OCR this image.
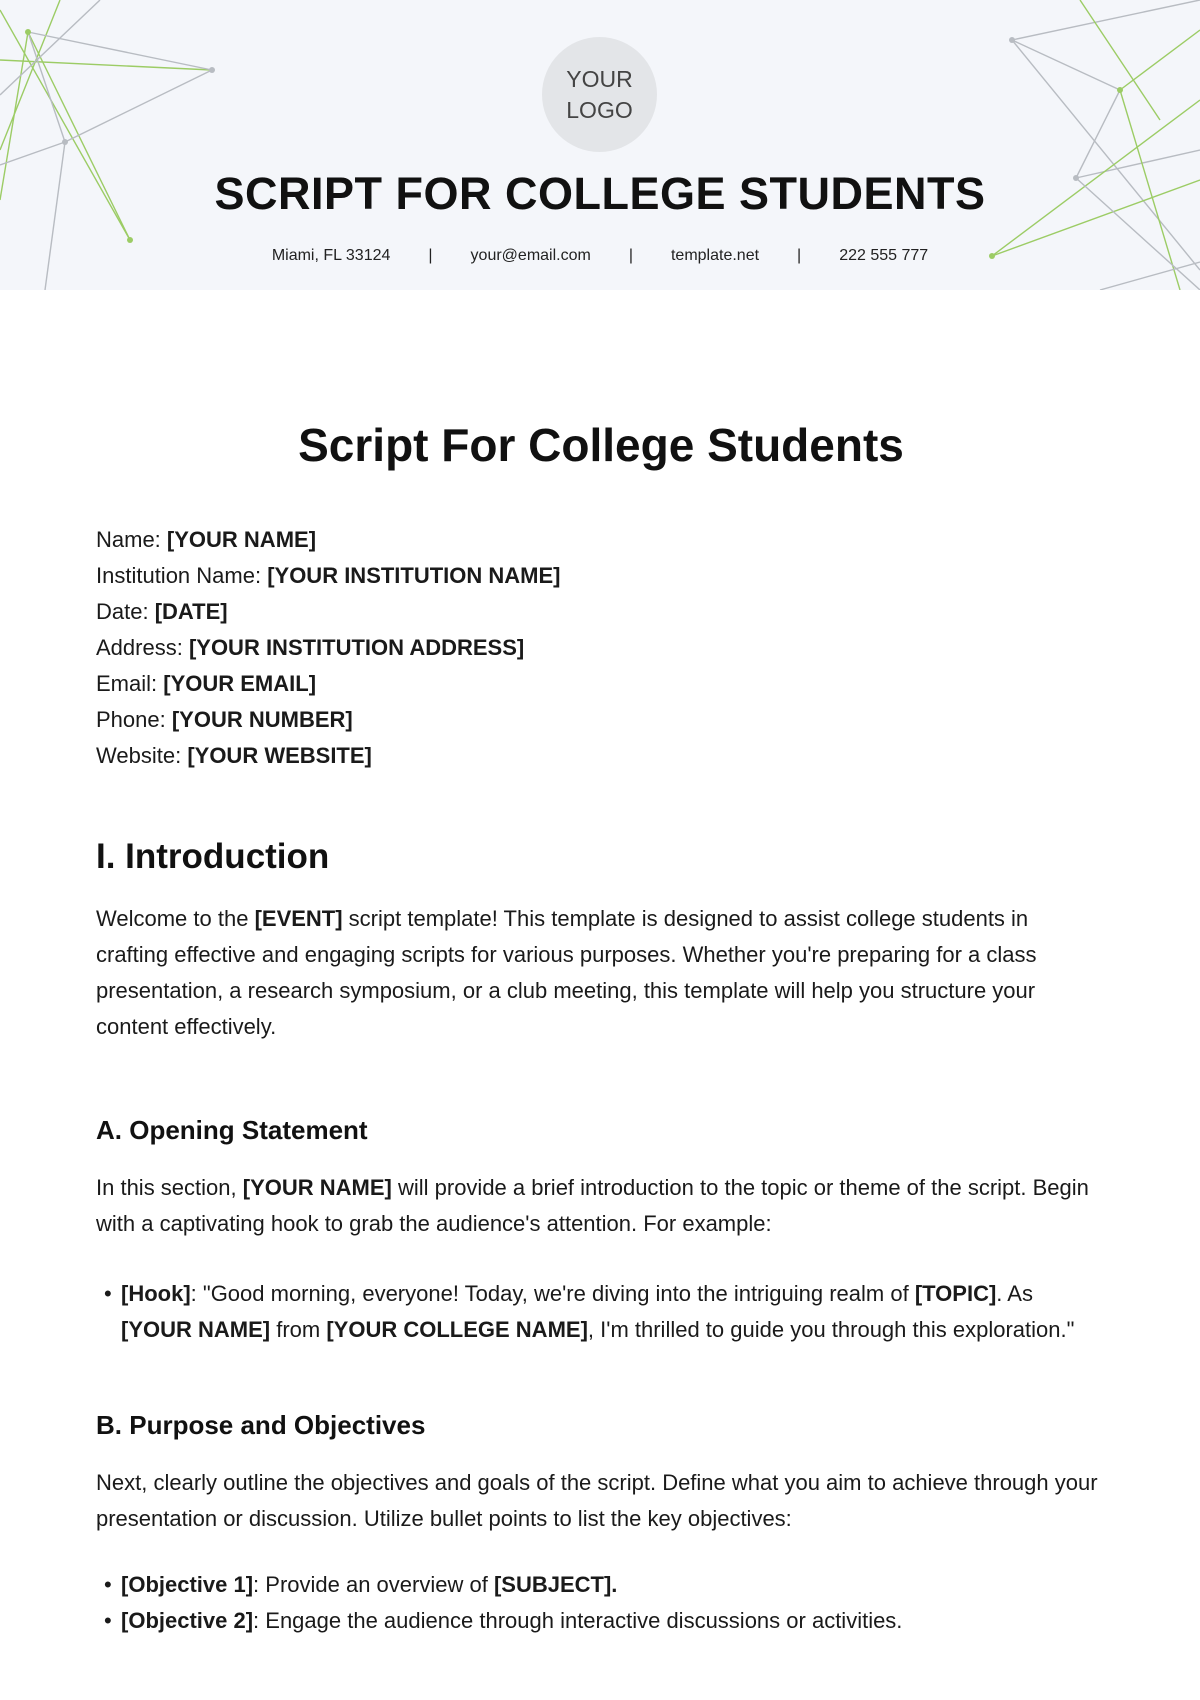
YOUR
LOGO
SCRIPT FOR COLLEGE STUDENTS
Miami, FL 33124 | your@email.com | template.net | 222 555 777
Script For College Students
Name: [YOUR NAME]
Institution Name: [YOUR INSTITUTION NAME]
Date: [DATE]
Address: [YOUR INSTITUTION ADDRESS]
Email: [YOUR EMAIL]
Phone: [YOUR NUMBER]
Website: [YOUR WEBSITE]
I. Introduction

Welcome to the [EVENT] script template! This template is designed to assist college students in crafting effective and engaging scripts for various purposes. Whether you're preparing for a class presentation, a research symposium, or a club meeting, this template will help you structure your content effectively.

A. Opening Statement

In this section, [YOUR NAME] will provide a brief introduction to the topic or theme of the script. Begin with a captivating hook to grab the audience's attention. For example:

• [Hook]: "Good morning, everyone! Today, we're diving into the intriguing realm of [TOPIC]. As [YOUR NAME] from [YOUR COLLEGE NAME], I'm thrilled to guide you through this exploration."
B. Purpose and Objectives

Next, clearly outline the objectives and goals of the script. Define what you aim to achieve through your presentation or discussion. Utilize bullet points to list the key objectives:

• [Objective 1]: Provide an overview of [SUBJECT].
• [Objective 2]: Engage the audience through interactive discussions or activities.
